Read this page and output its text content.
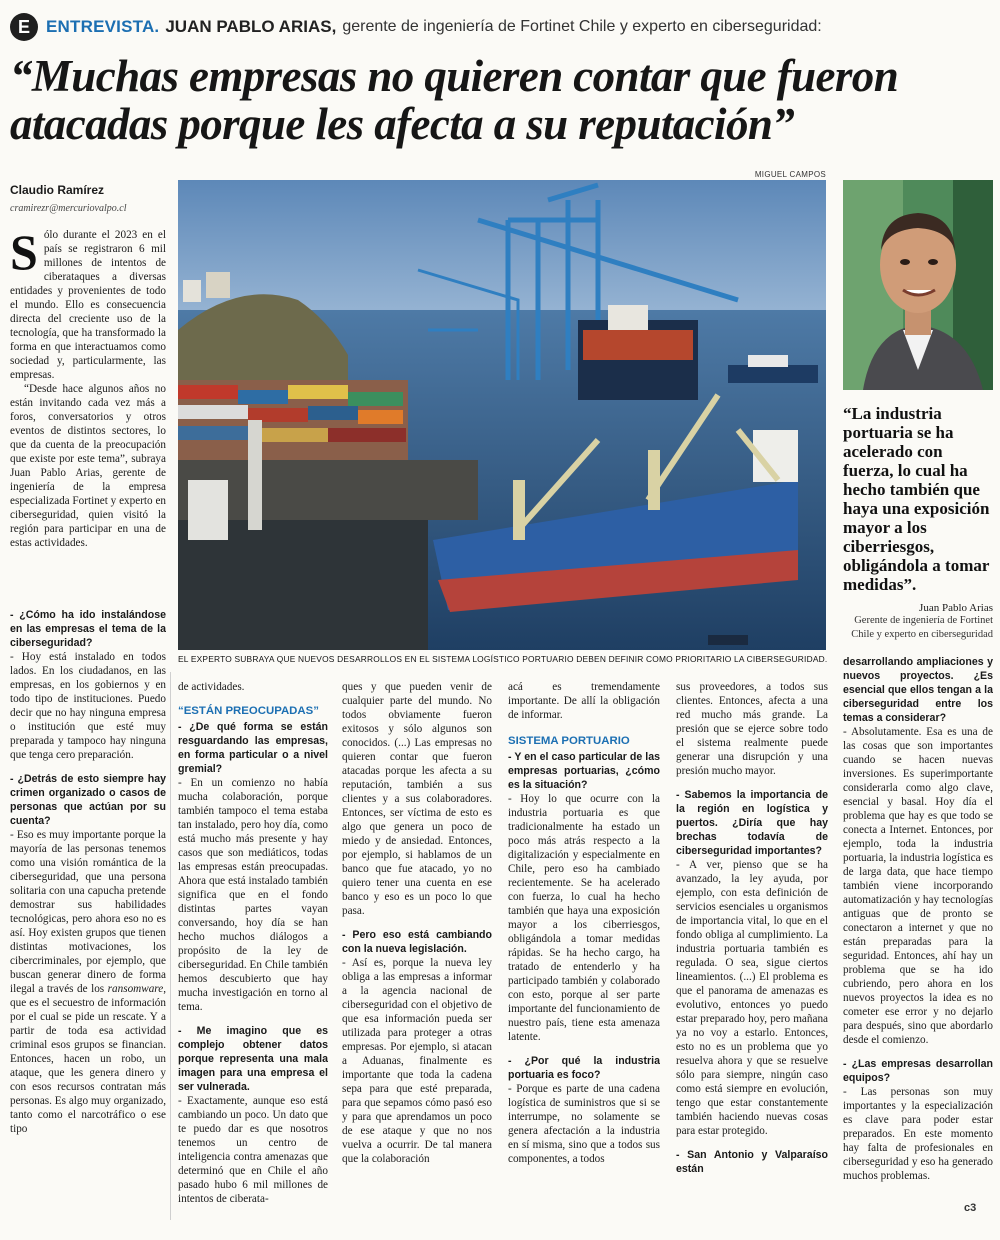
E ENTREVISTA. JUAN PABLO ARIAS, gerente de ingeniería de Fortinet Chile y experto en ciberseguridad:
“Muchas empresas no quieren contar que fueron
atacadas porque les afecta a su reputación”
Claudio Ramírez
cramirezr@mercuriovalpo.cl
MIGUEL CAMPOS
EL EXPERTO SUBRAYA QUE NUEVOS DESARROLLOS EN EL SISTEMA LOGÍSTICO PORTUARIO DEBEN DEFINIR COMO PRIORITARIO LA CIBERSEGURIDAD.
“La industria portuaria se ha acelerado con fuerza, lo cual ha hecho también que haya una exposición mayor a los ciberriesgos, obligándola a tomar medidas”.
Juan Pablo Arias
Gerente de ingeniería de Fortinet Chile y experto en ciberseguridad
S ólo durante el 2023 en el país se registraron 6 mil millones de intentos de ciberataques a diversas entidades y provenientes de todo el mundo. Ello es consecuencia directa del creciente uso de la tecnología, que ha transformado la forma en que interactuamos como sociedad y, particularmente, las empresas.

“Desde hace algunos años no están invitando cada vez más a foros, conversatorios y otros eventos de distintos sectores, lo que da cuenta de la preocupación que existe por este tema”, subraya Juan Pablo Arias, gerente de ingeniería de la empresa especializada Fortinet y experto en ciberseguridad, quien visitó la región para participar en una de estas actividades.

- ¿Cómo ha ido instalándose en las empresas el tema de la ciberseguridad?

- Hoy está instalado en todos lados. En los ciudadanos, en las empresas, en los gobiernos y en todo tipo de instituciones. Puedo decir que no hay ninguna empresa o institución que esté muy preparada y tampoco hay ninguna que tenga cero preparación.

- ¿Detrás de esto siempre hay crimen organizado o casos de personas que actúan por su cuenta?

- Eso es muy importante porque la mayoría de las personas tenemos como una visión romántica de la ciberseguridad, que una persona solitaria con una capucha pretende demostrar sus habilidades tecnológicas, pero ahora eso no es así. Hoy existen grupos que tienen distintas motivaciones, los cibercriminales, por ejemplo, que buscan generar dinero de forma ilegal a través de los ransomware, que es el secuestro de información por el cual se pide un rescate. Y a partir de toda esa actividad criminal esos grupos se financian. Entonces, hacen un robo, un ataque, que les genera dinero y con esos recursos contratan más personas. Es algo muy organizado, tanto como el narcotráfico o ese tipo

de actividades.

“ESTÁN PREOCUPADAS”

- ¿De qué forma se están resguardando las empresas, en forma particular o a nivel gremial?

- En un comienzo no había mucha colaboración, porque también tampoco el tema estaba tan instalado, pero hoy día, como está mucho más presente y hay casos que son mediáticos, todas las empresas están preocupadas. Ahora que está instalado también significa que en el fondo distintas partes vayan conversando, hoy día se han hecho muchos diálogos a propósito de la ley de ciberseguridad. En Chile también hemos descubierto que hay mucha investigación en torno al tema.

- Me imagino que es complejo obtener datos porque representa una mala imagen para una empresa el ser vulnerada.

- Exactamente, aunque eso está cambiando un poco. Un dato que te puedo dar es que nosotros tenemos un centro de inteligencia contra amenazas que determinó que en Chile el año pasado hubo 6 mil millones de intentos de ciberata-

ques y que pueden venir de cualquier parte del mundo. No todos obviamente fueron exitosos y sólo algunos son conocidos. (...) Las empresas no quieren contar que fueron atacadas porque les afecta a su reputación, también a sus clientes y a sus colaboradores. Entonces, ser víctima de esto es algo que genera un poco de miedo y de ansiedad. Entonces, por ejemplo, si hablamos de un banco que fue atacado, yo no quiero tener una cuenta en ese banco y eso es un poco lo que pasa.

- Pero eso está cambiando con la nueva legislación.

- Así es, porque la nueva ley obliga a las empresas a informar a la agencia nacional de ciberseguridad con el objetivo de que esa información pueda ser utilizada para proteger a otras empresas. Por ejemplo, si atacan a Aduanas, finalmente es importante que toda la cadena sepa para que esté preparada, para que sepamos cómo pasó eso y para que aprendamos un poco de ese ataque y que no nos vuelva a ocurrir. De tal manera que la colaboración

acá es tremendamente importante. De allí la obligación de informar.

SISTEMA PORTUARIO

- Y en el caso particular de las empresas portuarias, ¿cómo es la situación?

- Hoy lo que ocurre con la industria portuaria es que tradicionalmente ha estado un poco más atrás respecto a la digitalización y especialmente en Chile, pero eso ha cambiado recientemente. Se ha acelerado con fuerza, lo cual ha hecho también que haya una exposición mayor a los ciberriesgos, obligándola a tomar medidas rápidas. Se ha hecho cargo, ha tratado de entenderlo y ha participado también y colaborado con esto, porque al ser parte importante del funcionamiento de nuestro país, tiene esta amenaza latente.

- ¿Por qué la industria portuaria es foco?

- Porque es parte de una cadena logística de suministros que si se interrumpe, no solamente se genera afectación a la industria en sí misma, sino que a todos sus componentes, a todos

sus proveedores, a todos sus clientes. Entonces, afecta a una red mucho más grande. La presión que se ejerce sobre todo el sistema realmente puede generar una disrupción y una presión mucho mayor.

- Sabemos la importancia de la región en logística y puertos. ¿Diría que hay brechas todavía de ciberseguridad importantes?

- A ver, pienso que se ha avanzado, la ley ayuda, por ejemplo, con esta definición de servicios esenciales u organismos de importancia vital, lo que en el fondo obliga al cumplimiento. La industria portuaria también es regulada. O sea, sigue ciertos lineamientos. (...) El problema es que el panorama de amenazas es evolutivo, entonces yo puedo estar preparado hoy, pero mañana ya no voy a estarlo. Entonces, esto no es un problema que yo resuelva ahora y que se resuelve sólo para siempre, ningún caso como está siempre en evolución, tengo que estar constantemente también haciendo nuevas cosas para estar protegido.

- San Antonio y Valparaíso están

desarrollando ampliaciones y nuevos proyectos. ¿Es esencial que ellos tengan a la ciberseguridad entre los temas a considerar?

- Absolutamente. Esa es una de las cosas que son importantes cuando se hacen nuevas inversiones. Es superimportante considerarla como algo clave, esencial y basal. Hoy día el problema que hay es que todo se conecta a Internet. Entonces, por ejemplo, toda la industria portuaria, la industria logística es de larga data, que hace tiempo también viene incorporando automatización y hay tecnologías antiguas que de pronto se conectaron a internet y que no están preparadas para la seguridad. Entonces, ahí hay un problema que se ha ido cubriendo, pero ahora en los nuevos proyectos la idea es no cometer ese error y no dejarlo para después, sino que abordarlo desde el comienzo.

- ¿Las empresas desarrollan equipos?

- Las personas son muy importantes y la especialización es clave para poder estar preparados. En este momento hay falta de profesionales en ciberseguridad y eso ha generado muchos problemas.

c3
